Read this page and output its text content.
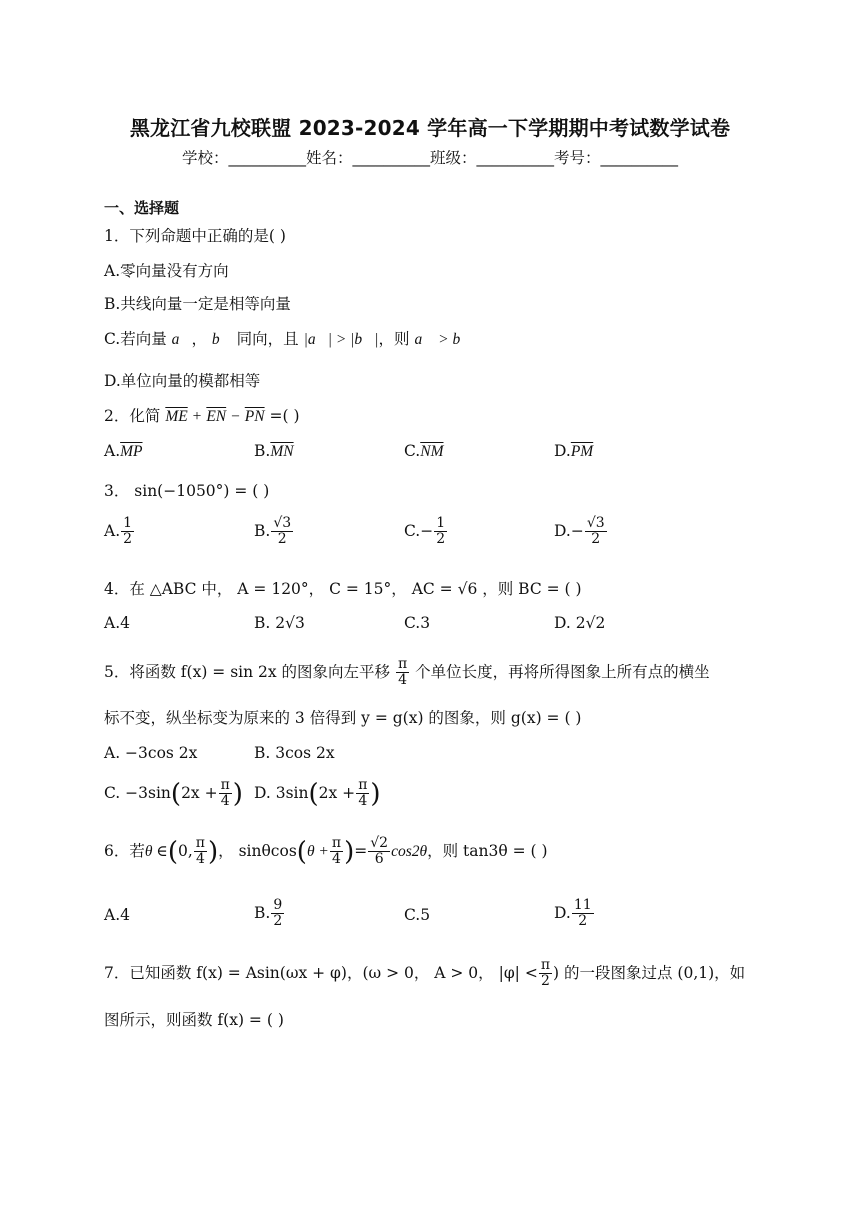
黑龙江省九校联盟 2023-2024 学年高一下学期期中考试数学试卷
学校：__________姓名：__________班级：__________考号：__________
一、选择题
1．下列命题中正确的是( )
A.零向量没有方向
B.共线向量一定是相等向量
C.若向量 a⃗， b⃗ 同向，且 |a⃗| > |b⃗|，则 a⃗ > b⃗
D.单位向量的模都相等
2．化简 $\overline{ME} + \overline{EN} - \overline{PN}$ =( )
$A.\overline{MP}$	$B.\overline{MN}$	$C.\overline{NM}$	$D.\overline{PM}$
3． sin(−1050°) = ( )
A. $\frac{1}{2}$	B. $\frac{√3}{2}$	$C.- \frac{1}{2}$	$D.- \frac{√3}{2}$
4．在 △ABC 中， A = 120°， C = 15°， AC = √6 ，则 BC = ( )
A.4	B. 2√3	C.3	D. 2√2
5．将函数 f(x) = sin 2x 的图象向左平移 $\frac{\pi}{4}$ 个单位长度，再将所得图象上所有点的横坐
标不变，纵坐标变为原来的 3 倍得到 y = g(x) 的图象，则 g(x) = ( )
A. −3cos 2x	B. 3cos 2x
C. $-3\sin(2x + \frac{\pi}{4}$ ) D. $3\sin(2x + \frac{\pi}{4}$ )
6．若θ ∈(0, $\frac{\pi}{4}$ )， $\sin\theta\cos(\theta + \frac{\pi}{4}$ )= $\frac{√2}{6} \cos 2\theta$，则 tan3θ = ( )
A.4	B. $\frac{9}{2}$	C.5	D. $\frac{11}{2}$
7．已知函数 f(x) = Asin(ωx + φ)，(ω > 0， A > 0， $|\varphi| < \frac{\pi}{2}$ ) 的一段图象过点 (0,1)，如
图所示，则函数 f(x) = ( )
